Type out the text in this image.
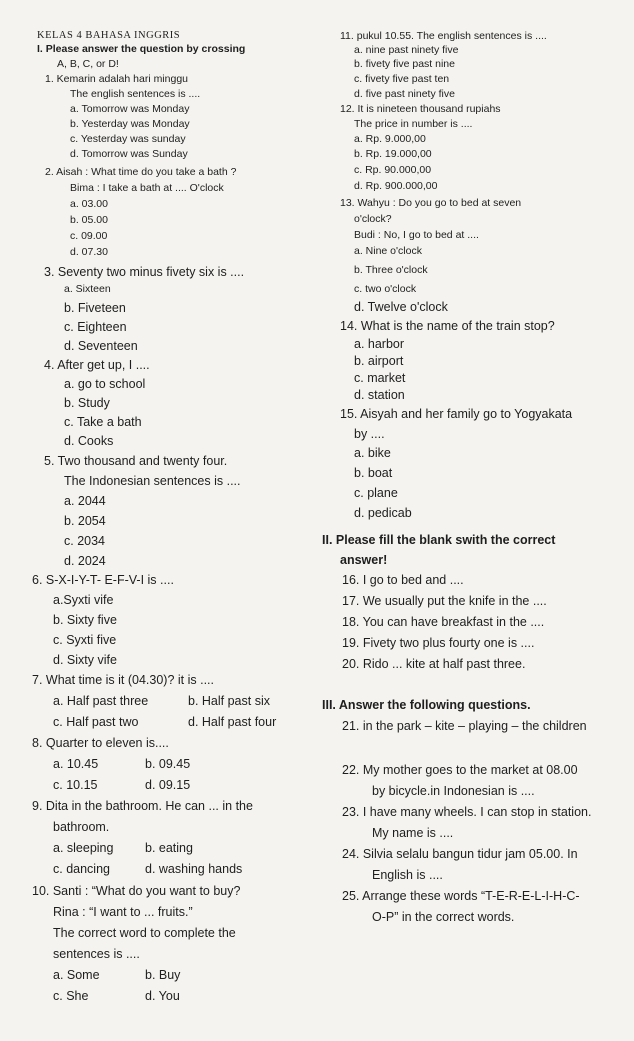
KELAS 4 BAHASA INGGRIS
I. Please answer the question by crossing
A, B, C, or D!
1. Kemarin adalah hari minggu
The english sentences is ....
a. Tomorrow was Monday
b. Yesterday was Monday
c. Yesterday was sunday
d. Tomorrow was Sunday
2. Aisah : What time do you take a bath ?
Bima : I take a bath at .... O'clock
a. 03.00
b. 05.00
c. 09.00
d. 07.30
3. Seventy two minus fivety six is ....
a. Sixteen
b. Fiveteen
c. Eighteen
d. Seventeen
4. After get up, I ....
a. go to school
b. Study
c. Take a bath
d. Cooks
5. Two thousand and twenty four.
The Indonesian sentences is ....
a. 2044
b. 2054
c. 2034
d. 2024
6. S-X-I-Y-T- E-F-V-I is ....
a.Syxti vife
b. Sixty five
c. Syxti five
d. Sixty vife
7. What time is it (04.30)? it is ....
a. Half past three	b. Half past six
c. Half past two	d. Half past four
8. Quarter to eleven is....
a. 10.45	b. 09.45
c. 10.15	d. 09.15
9. Dita in the bathroom. He can ... in the
bathroom.
a. sleeping	b. eating
c. dancing	d. washing hands
10. Santi : “What do you want to buy?
Rina : “I want to ... fruits.”
The correct word to complete the
sentences is ....
a. Some	b. Buy
c. She	d. You
11. pukul 10.55. The english sentences is ....
a. nine past ninety five
b. fivety five past nine
c. fivety five past ten
d. five past ninety five
12. It is nineteen thousand rupiahs
The price in number is ....
a. Rp. 9.000,00
b. Rp. 19.000,00
c. Rp. 90.000,00
d. Rp. 900.000,00
13. Wahyu : Do you go to bed at seven
o'clock?
Budi : No, I go to bed at ....
a. Nine o'clock
b. Three o'clock
c. two o'clock
d. Twelve o'clock
14. What is the name of the train stop?
a. harbor
b. airport
c. market
d. station
15. Aisyah and her family go to Yogyakata
by ....
a. bike
b. boat
c. plane
d. pedicab
II. Please fill the blank swith the correct
answer!
16. I go to bed and ....
17. We usually put the knife in the ....
18. You can have breakfast in the ....
19. Fivety two plus fourty one is ....
20. Rido ... kite at half past three.
III. Answer the following questions.
21. in the park – kite – playing – the children
22. My mother goes to the market at 08.00
by bicycle.in Indonesian is ....
23. I have many wheels. I can stop in station.
My name is ....
24. Silvia selalu bangun tidur jam 05.00. In
English is ....
25. Arrange these words “T-E-R-E-L-I-H-C-
O-P” in the correct words.
